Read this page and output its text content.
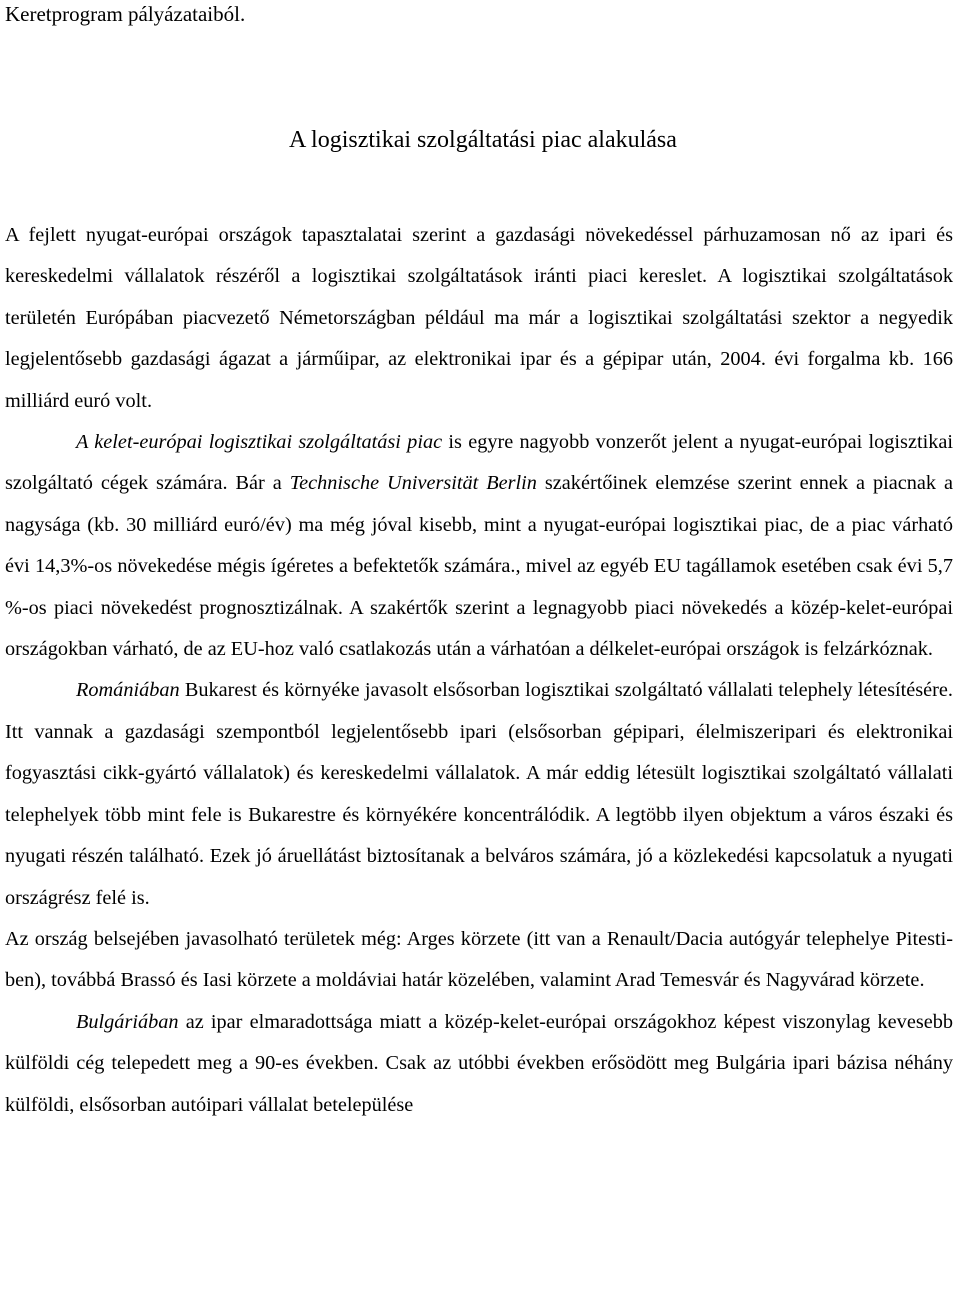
Keretprogram pályázataiból.
A logisztikai szolgáltatási piac alakulása

A fejlett nyugat-európai országok tapasztalatai szerint a gazdasági növekedéssel párhuzamosan nő az ipari és kereskedelmi vállalatok részéről a logisztikai szolgáltatások iránti piaci kereslet. A logisztikai szolgáltatások területén Európában piacvezető Németországban például ma már a logisztikai szolgáltatási szektor a negyedik legjelentősebb gazdasági ágazat a járműipar, az elektronikai ipar és a gépipar után, 2004. évi forgalma kb. 166 milliárd euró volt.

A kelet-európai logisztikai szolgáltatási piac is egyre nagyobb vonzerőt jelent a nyugat-európai logisztikai szolgáltató cégek számára. Bár a Technische Universität Berlin szakértőinek elemzése szerint ennek a piacnak a nagysága (kb. 30 milliárd euró/év) ma még jóval kisebb, mint a nyugat-európai logisztikai piac, de a piac várható évi 14,3%-os növekedése mégis ígéretes a befektetők számára., mivel az egyéb EU tagállamok esetében csak évi 5,7 %-os piaci növekedést prognosztizálnak. A szakértők szerint a legnagyobb piaci növekedés a közép-kelet-európai országokban várható, de az EU-hoz való csatlakozás után a várhatóan a délkelet-európai országok is felzárkóznak.

Romániában Bukarest és környéke javasolt elsősorban logisztikai szolgáltató vállalati telephely létesítésére. Itt vannak a gazdasági szempontból legjelentősebb ipari (elsősorban gépipari, élelmiszeripari és elektronikai fogyasztási cikk-gyártó vállalatok) és kereskedelmi vállalatok. A már eddig létesült logisztikai szolgáltató vállalati telephelyek több mint fele is Bukarestre és környékére koncentrálódik. A legtöbb ilyen objektum a város északi és nyugati részén található. Ezek jó áruellátást biztosítanak a belváros számára, jó a közlekedési kapcsolatuk a nyugati országrész felé is.

Az ország belsejében javasolható területek még: Arges körzete (itt van a Renault/Dacia autógyár telephelye Pitesti-ben), továbbá Brassó és Iasi körzete a moldáviai határ közelében, valamint Arad Temesvár és Nagyvárad körzete.

Bulgáriában az ipar elmaradottsága miatt a közép-kelet-európai országokhoz képest viszonylag kevesebb külföldi cég telepedett meg a 90-es években. Csak az utóbbi években erősödött meg Bulgária ipari bázisa néhány külföldi, elsősorban autóipari vállalat betelepülése
